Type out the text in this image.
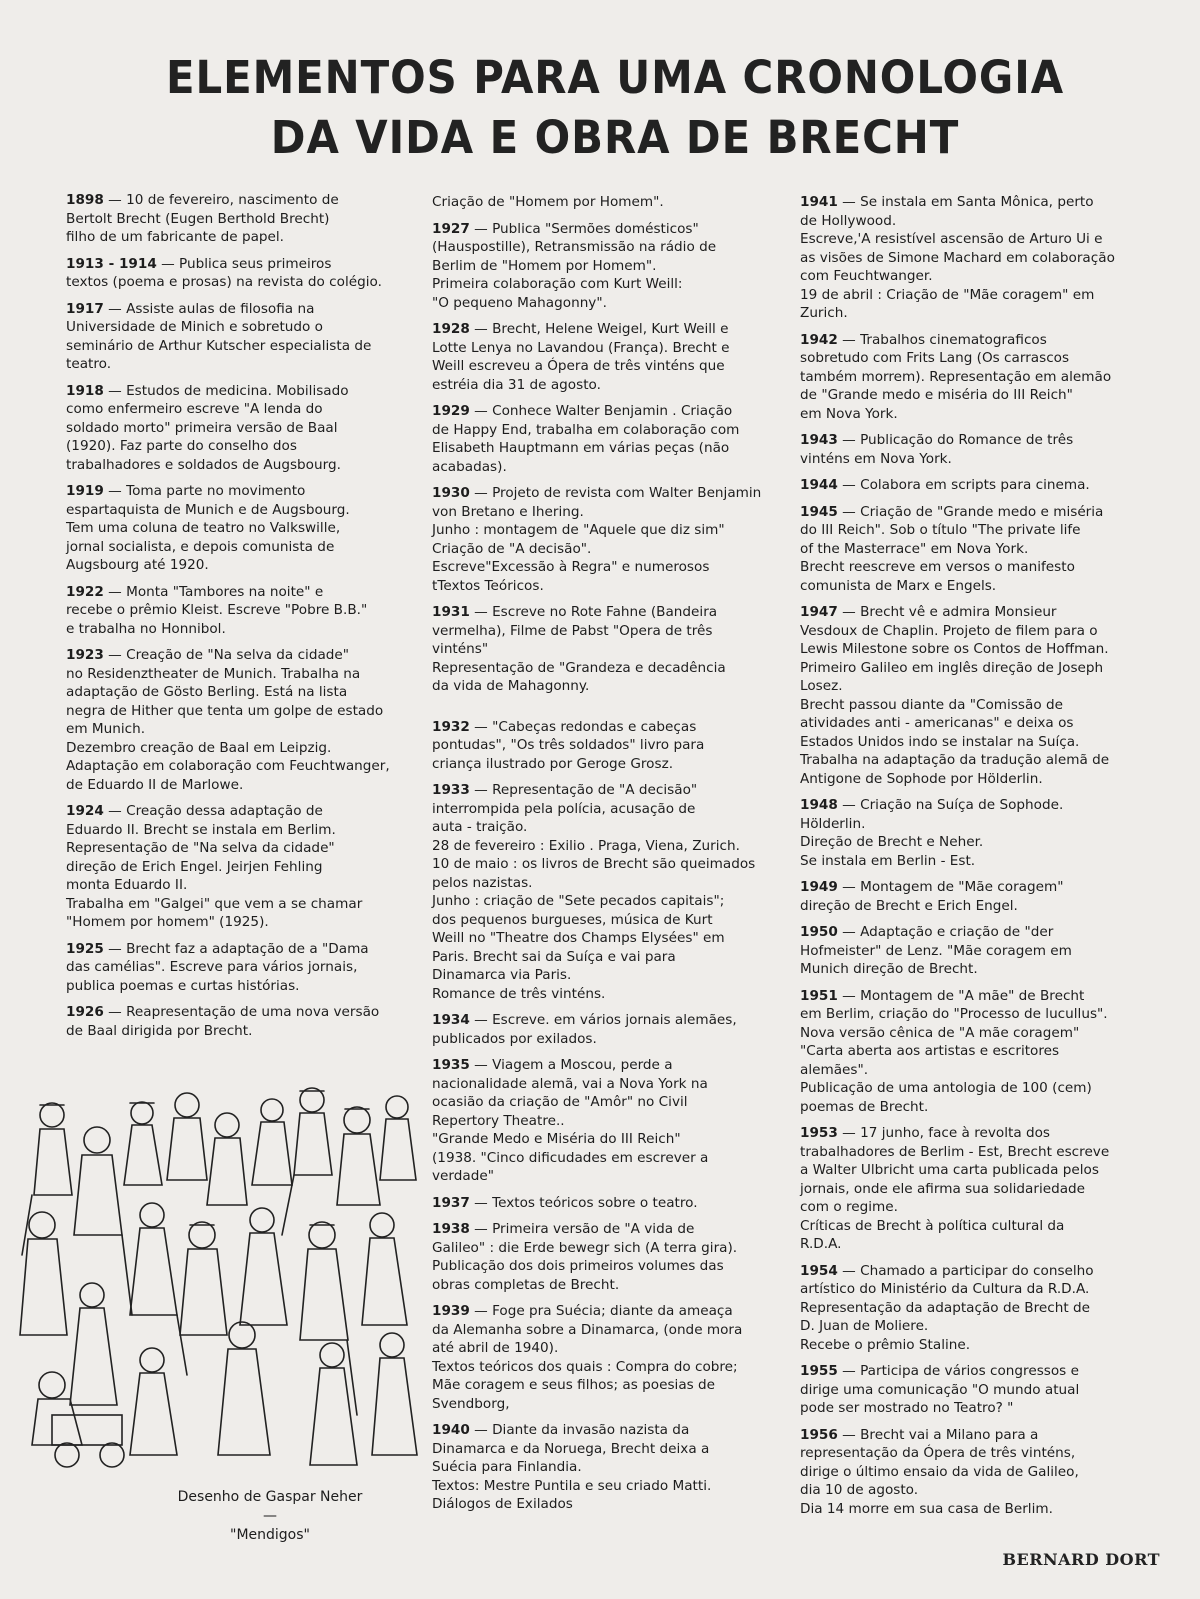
ELEMENTOS PARA UMA CRONOLOGIA
DA VIDA E OBRA DE BRECHT
1898 — 10 de fevereiro, nascimento de
Bertolt Brecht (Eugen Berthold Brecht)
filho de um fabricante de papel.
1913 - 1914 — Publica seus primeiros
textos (poema e prosas) na revista do colégio.
1917 — Assiste aulas de filosofia na
Universidade de Minich e sobretudo o
seminário de Arthur Kutscher especialista de
teatro.
1918 — Estudos de medicina. Mobilisado
como enfermeiro escreve "A lenda do
soldado morto" primeira versão de Baal
(1920). Faz parte do conselho dos
trabalhadores e soldados de Augsbourg.
1919 — Toma parte no movimento
espartaquista de Munich e de Augsbourg.
Tem uma coluna de teatro no Valkswille,
jornal socialista, e depois comunista de
Augsbourg até 1920.
1922 — Monta "Tambores na noite" e
recebe o prêmio Kleist. Escreve "Pobre B.B."
e trabalha no Honnibol.
1923 — Creação de "Na selva da cidade"
no Residenztheater de Munich. Trabalha na
adaptação de Gösto Berling. Está na lista
negra de Hither que tenta um golpe de estado
em Munich.
Dezembro creação de Baal em Leipzig.
Adaptação em colaboração com Feuchtwanger,
de Eduardo II de Marlowe.
1924 — Creação dessa adaptação de
Eduardo II. Brecht se instala em Berlim.
Representação de "Na selva da cidade"
direção de Erich Engel. Jeirjen Fehling
monta Eduardo II.
Trabalha em "Galgei" que vem a se chamar
"Homem por homem" (1925).
1925 — Brecht faz a adaptação de a "Dama
das camélias". Escreve para vários jornais,
publica poemas e curtas histórias.
1926 — Reapresentação de uma nova versão
de Baal dirigida por Brecht.
Criação de "Homem por Homem".
1927 — Publica "Sermões domésticos"
(Hauspostille), Retransmissão na rádio de
Berlim de "Homem por Homem".
Primeira colaboração com Kurt Weill:
"O pequeno Mahagonny".
1928 — Brecht, Helene Weigel, Kurt Weill e
Lotte Lenya no Lavandou (França). Brecht e
Weill escreveu a Ópera de três vinténs que
estréia dia 31 de agosto.
1929 — Conhece Walter Benjamin . Criação
de Happy End, trabalha em colaboração com
Elisabeth Hauptmann em várias peças (não
acabadas).
1930 — Projeto de revista com Walter Benjamin
von Bretano e Ihering.
Junho : montagem de "Aquele que diz sim"
Criação de "A decisão".
Escreve"Excessão à Regra" e numerosos
tTextos Teóricos.
1931 — Escreve no Rote Fahne (Bandeira
vermelha), Filme de Pabst "Opera de três
vinténs"
Representação de "Grandeza e decadência
da vida de Mahagonny.
1932 — "Cabeças redondas e cabeças
pontudas", "Os três soldados" livro para
criança ilustrado por Geroge Grosz.
1933 — Representação de "A decisão"
interrompida pela polícia, acusação de
auta - traição.
28 de fevereiro : Exilio . Praga, Viena, Zurich.
10 de maio : os livros de Brecht são queimados
pelos nazistas.
Junho : criação de "Sete pecados capitais";
dos pequenos burgueses, música de Kurt
Weill no "Theatre dos Champs Elysées" em
Paris. Brecht sai da Suíça e vai para
Dinamarca via Paris.
Romance de três vinténs.
1934 — Escreve. em vários jornais alemães,
publicados por exilados.
1935 — Viagem a Moscou, perde a
nacionalidade alemã, vai a Nova York na
ocasião da criação de "Amôr" no Civil
Repertory Theatre..
"Grande Medo e Miséria do III Reich"
(1938. "Cinco dificudades em escrever a
verdade"
1937 — Textos teóricos sobre o teatro.
1938 — Primeira versão de "A vida de
Galileo" : die Erde bewegr sich (A terra gira).
Publicação dos dois primeiros volumes das
obras completas de Brecht.
1939 — Foge pra Suécia; diante da ameaça
da Alemanha sobre a Dinamarca, (onde mora
até abril de 1940).
Textos teóricos dos quais : Compra do cobre;
Mãe coragem e seus filhos; as poesias de
Svendborg,
1940 — Diante da invasão nazista da
Dinamarca e da Noruega, Brecht deixa a
Suécia para Finlandia.
Textos: Mestre Puntila e seu criado Matti.
Diálogos de Exilados
1941 — Se instala em Santa Mônica, perto
de Hollywood.
Escreve,'A resistível ascensão de Arturo Ui e
as visões de Simone Machard em colaboração
com Feuchtwanger.
19 de abril : Criação de "Mãe coragem" em
Zurich.
1942 — Trabalhos cinematograficos
sobretudo com Frits Lang (Os carrascos
também morrem). Representação em alemão
de "Grande medo e miséria do III Reich"
em Nova York.
1943 — Publicação do Romance de três
vinténs em Nova York.
1944 — Colabora em scripts para cinema.
1945 — Criação de "Grande medo e miséria
do III Reich". Sob o título "The private life
of the Masterrace" em Nova York.
Brecht reescreve em versos o manifesto
comunista de Marx e Engels.
1947 — Brecht vê e admira Monsieur
Vesdoux de Chaplin. Projeto de filem para o
Lewis Milestone sobre os Contos de Hoffman.
Primeiro Galileo em inglês direção de Joseph
Losez.
Brecht passou diante da "Comissão de
atividades anti - americanas" e deixa os
Estados Unidos indo se instalar na Suíça.
Trabalha na adaptação da tradução alemã de
Antigone de Sophode por Hölderlin.
1948 — Criação na Suíça de Sophode.
Hölderlin.
Direção de Brecht e Neher.
Se instala em Berlin - Est.
1949 — Montagem de "Mãe coragem"
direção de Brecht e Erich Engel.
1950 — Adaptação e criação de "der
Hofmeister" de Lenz. "Mãe coragem em
Munich direção de Brecht.
1951 — Montagem de "A mãe" de Brecht
em Berlim, criação do "Processo de lucullus".
Nova versão cênica de "A mãe coragem"
"Carta aberta aos artistas e escritores
alemães".
Publicação de uma antologia de 100 (cem)
poemas de Brecht.
1953 — 17 junho, face à revolta dos
trabalhadores de Berlim - Est, Brecht escreve
a Walter Ulbricht uma carta publicada pelos
jornais, onde ele afirma sua solidariedade
com o regime.
Críticas de Brecht à política cultural da
R.D.A.
1954 — Chamado a participar do conselho
artístico do Ministério da Cultura da R.D.A.
Representação da adaptação de Brecht de
D. Juan de Moliere.
Recebe o prêmio Staline.
1955 — Participa de vários congressos e
dirige uma comunicação "O mundo atual
pode ser mostrado no Teatro? "
1956 — Brecht vai a Milano para a
representação da Ópera de três vinténs,
dirige o último ensaio da vida de Galileo,
dia 10 de agosto.
Dia 14 morre em sua casa de Berlim.
Desenho de Gaspar Neher —
"Mendigos"
BERNARD DORT
